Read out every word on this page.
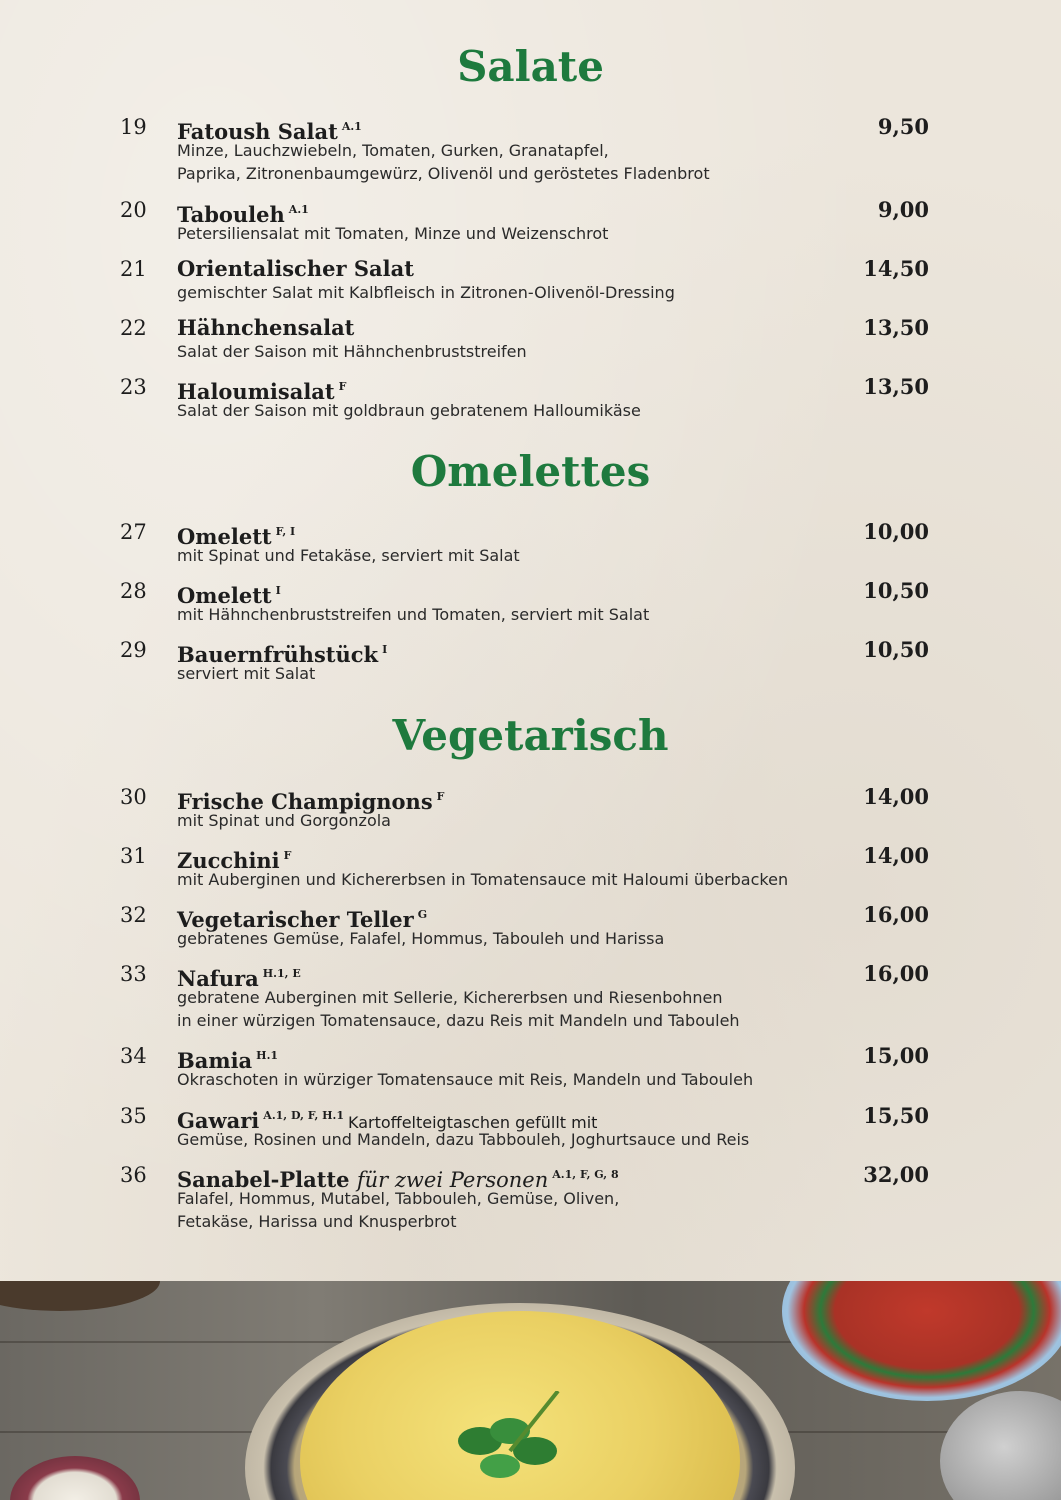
Salate
19	Fatoush Salat $^{A.1}$	9,50
Minze, Lauchzwiebeln, Tomaten, Gurken, Granatapfel,
Paprika, Zitronenbaumgewürz, Olivenöl und geröstetes Fladenbrot
20	Tabouleh $^{A.1}$	9,00
Petersiliensalat mit Tomaten, Minze und Weizenschrot
21	Orientalischer Salat	14,50
gemischter Salat mit Kalbfleisch in Zitronen-Olivenöl-Dressing
22	Hähnchensalat	13,50
Salat der Saison mit Hähnchenbruststreifen
23	Haloumisalat $^F$	13,50
Salat der Saison mit goldbraun gebratenem Halloumikäse
Omelettes
27	Omelett $^{F, I}$	10,00
mit Spinat und Fetakäse, serviert mit Salat
28	Omelett $^I$	10,50
mit Hähnchenbruststreifen und Tomaten, serviert mit Salat
29	Bauernfrühstück $^I$	10,50
serviert mit Salat
Vegetarisch
30	Frische Champignons $^F$	14,00
mit Spinat und Gorgonzola
31	Zucchini $^F$	14,00
mit Auberginen und Kichererbsen in Tomatensauce mit Haloumi überbacken
32	Vegetarischer Teller $^G$	16,00
gebratenes Gemüse, Falafel, Hommus, Tabouleh und Harissa
33	Nafura $^{H.1, E}$	16,00
gebratene Auberginen mit Sellerie, Kichererbsen und Riesenbohnen
in einer würzigen Tomatensauce, dazu Reis mit Mandeln und Tabouleh
34	Bamia $^{H.1}$	15,00
Okraschoten in würziger Tomatensauce mit Reis, Mandeln und Tabouleh
35	Gawari $^{A.1, D, F, H.1}$ Kartoffelteigtaschen gefüllt mit	15,50
Gemüse, Rosinen und Mandeln, dazu Tabbouleh, Joghurtsauce und Reis
36	Sanabel-Platte für zwei Personen $^{A.1, F, G, 8}$	32,00
Falafel, Hommus, Mutabel, Tabbouleh, Gemüse, Oliven,
Fetakäse, Harissa und Knusperbrot
